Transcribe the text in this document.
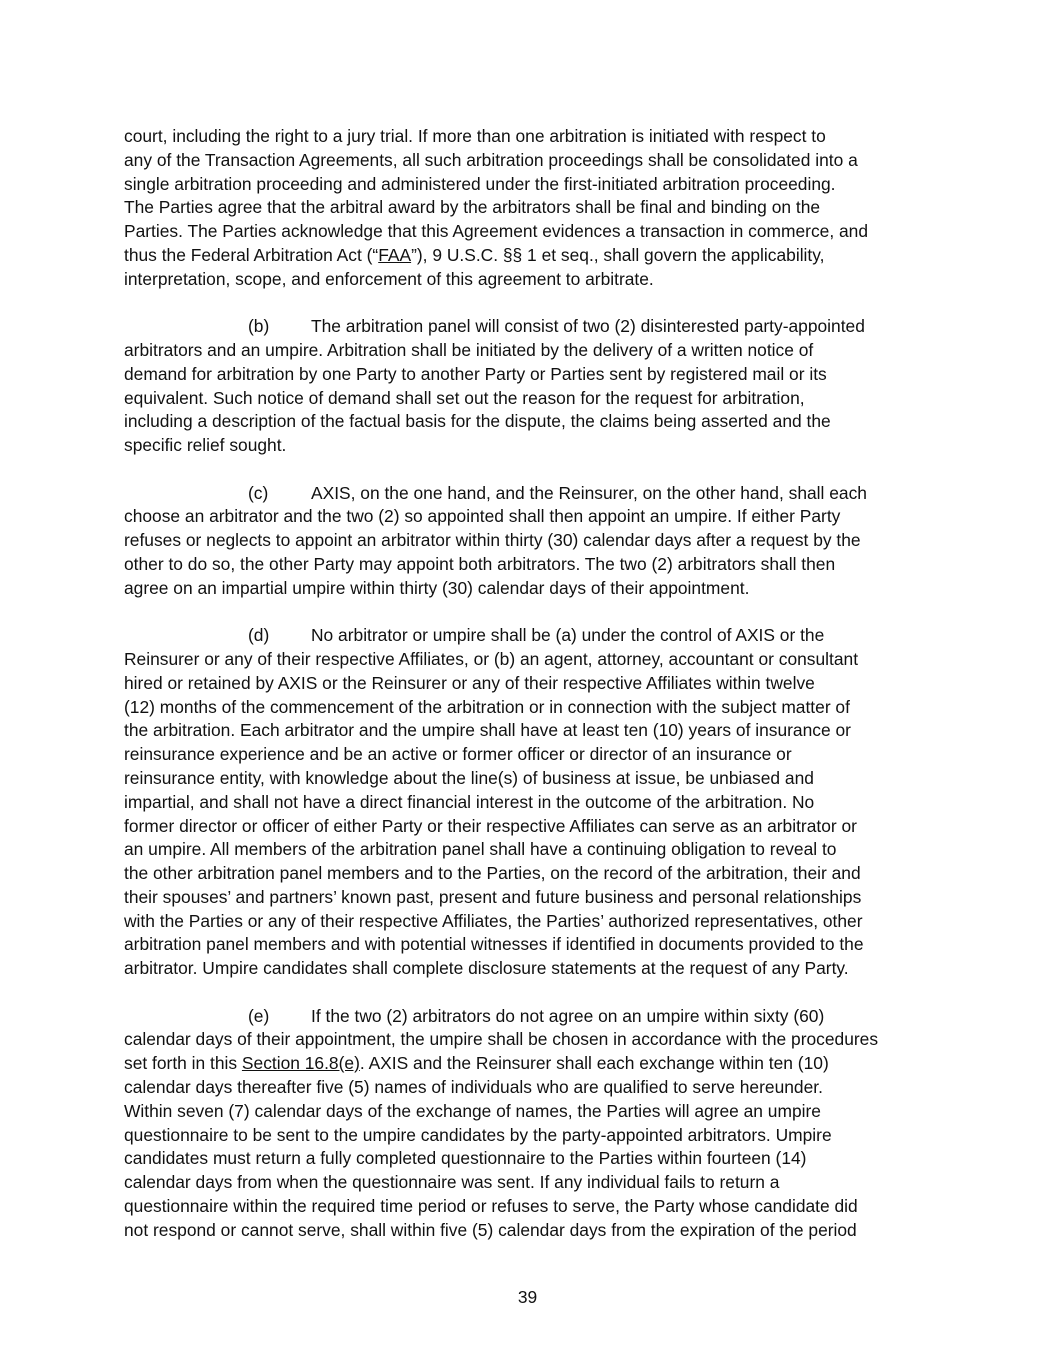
court, including the right to a jury trial. If more than one arbitration is initiated with respect to
any of the Transaction Agreements, all such arbitration proceedings shall be consolidated into a
single arbitration proceeding and administered under the first-initiated arbitration proceeding.
The Parties agree that the arbitral award by the arbitrators shall be final and binding on the
Parties. The Parties acknowledge that this Agreement evidences a transaction in commerce, and
thus the Federal Arbitration Act (“FAA”), 9 U.S.C. §§ 1 et seq., shall govern the applicability,
interpretation, scope, and enforcement of this agreement to arbitrate.

(b) The arbitration panel will consist of two (2) disinterested party-appointed
arbitrators and an umpire. Arbitration shall be initiated by the delivery of a written notice of
demand for arbitration by one Party to another Party or Parties sent by registered mail or its
equivalent. Such notice of demand shall set out the reason for the request for arbitration,
including a description of the factual basis for the dispute, the claims being asserted and the
specific relief sought.

(c) AXIS, on the one hand, and the Reinsurer, on the other hand, shall each
choose an arbitrator and the two (2) so appointed shall then appoint an umpire. If either Party
refuses or neglects to appoint an arbitrator within thirty (30) calendar days after a request by the
other to do so, the other Party may appoint both arbitrators. The two (2) arbitrators shall then
agree on an impartial umpire within thirty (30) calendar days of their appointment.

(d) No arbitrator or umpire shall be (a) under the control of AXIS or the
Reinsurer or any of their respective Affiliates, or (b) an agent, attorney, accountant or consultant
hired or retained by AXIS or the Reinsurer or any of their respective Affiliates within twelve
(12) months of the commencement of the arbitration or in connection with the subject matter of
the arbitration. Each arbitrator and the umpire shall have at least ten (10) years of insurance or
reinsurance experience and be an active or former officer or director of an insurance or
reinsurance entity, with knowledge about the line(s) of business at issue, be unbiased and
impartial, and shall not have a direct financial interest in the outcome of the arbitration. No
former director or officer of either Party or their respective Affiliates can serve as an arbitrator or
an umpire. All members of the arbitration panel shall have a continuing obligation to reveal to
the other arbitration panel members and to the Parties, on the record of the arbitration, their and
their spouses’ and partners’ known past, present and future business and personal relationships
with the Parties or any of their respective Affiliates, the Parties’ authorized representatives, other
arbitration panel members and with potential witnesses if identified in documents provided to the
arbitrator. Umpire candidates shall complete disclosure statements at the request of any Party.

(e) If the two (2) arbitrators do not agree on an umpire within sixty (60)
calendar days of their appointment, the umpire shall be chosen in accordance with the procedures
set forth in this Section 16.8(e). AXIS and the Reinsurer shall each exchange within ten (10)
calendar days thereafter five (5) names of individuals who are qualified to serve hereunder.
Within seven (7) calendar days of the exchange of names, the Parties will agree an umpire
questionnaire to be sent to the umpire candidates by the party-appointed arbitrators. Umpire
candidates must return a fully completed questionnaire to the Parties within fourteen (14)
calendar days from when the questionnaire was sent. If any individual fails to return a
questionnaire within the required time period or refuses to serve, the Party whose candidate did
not respond or cannot serve, shall within five (5) calendar days from the expiration of the period

39
